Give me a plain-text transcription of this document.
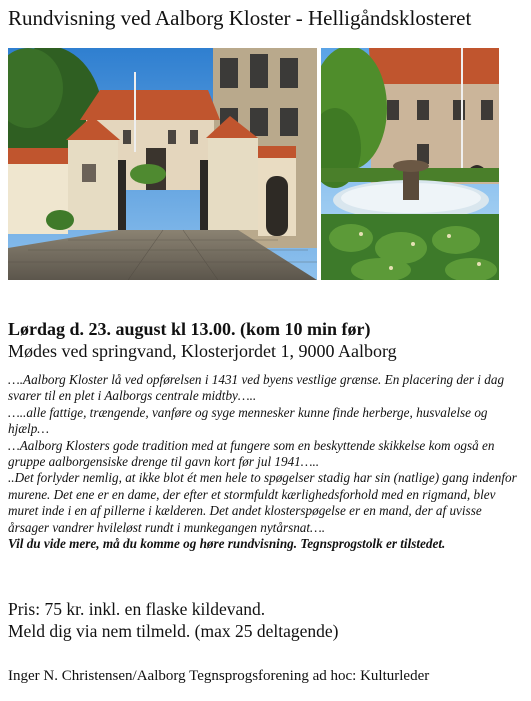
Rundvisning ved Aalborg Kloster - Helligåndsklosteret
Lørdag d. 23. august kl 13.00. (kom 10 min før)
Mødes ved springvand, Klosterjordet 1, 9000 Aalborg

….Aalborg Kloster lå ved opførelsen i 1431 ved byens vestlige grænse. En placering der i dag svarer til en plet i Aalborgs centrale midtby…..

…..alle fattige, trængende, vanføre og syge mennesker kunne finde herberge, husvalelse og hjælp…

…Aalborg Klosters gode tradition med at fungere som en beskyttende skikkelse kom også en gruppe aalborgensiske drenge til gavn kort før jul 1941…..

..Det forlyder nemlig, at ikke blot ét men hele to spøgelser stadig har sin (natlige) gang indenfor murene. Det ene er en dame, der efter et stormfuldt kærlighedsforhold med en rigmand, blev muret inde i en af pillerne i kælderen. Det andet klosterspøgelse er en mand, der af uvisse årsager vandrer hvileløst rundt i munkegangen nytårsnat….

Vil du vide mere, må du komme og høre rundvisning. Tegnsprogstolk er tilstedet.

Pris: 75 kr. inkl. en flaske kildevand.
Meld dig via nem tilmeld. (max 25 deltagende)
Inger N. Christensen/Aalborg Tegnsprogsforening ad hoc: Kulturleder
